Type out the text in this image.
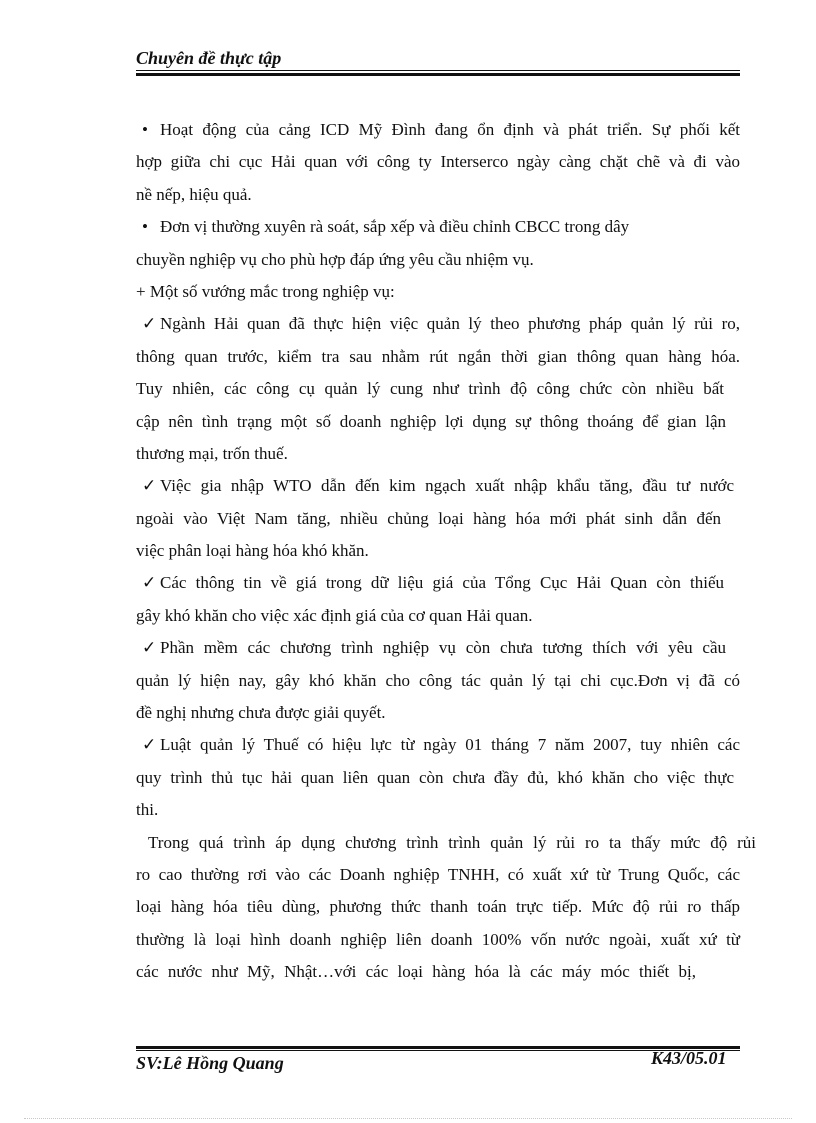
Chuyên đề thực tập
• Hoạt động của cảng ICD Mỹ Đình đang ổn định và phát triển. Sự phối kết
hợp giữa chi cục Hải quan với công ty Interserco ngày càng chặt chẽ và đi vào
nề nếp, hiệu quả.
• Đơn vị thường xuyên rà soát, sắp xếp và điều chỉnh CBCC trong dây
chuyền nghiệp vụ cho phù hợp đáp ứng yêu cầu nhiệm vụ.
+ Một số vướng mắc trong nghiệp vụ:
✓ Ngành Hải quan đã thực hiện việc quản lý theo phương pháp quản lý rủi ro,
thông quan trước, kiểm tra sau nhằm rút ngắn thời gian thông quan hàng hóa.
Tuy nhiên, các công cụ quản lý cung như trình độ công chức còn nhiều bất
cập nên tình trạng một số doanh nghiệp lợi dụng sự thông thoáng để gian lận
thương mại, trốn thuế.
✓ Việc gia nhập WTO dẫn đến kim ngạch xuất nhập khẩu tăng, đầu tư nước
ngoài vào Việt Nam tăng, nhiều chủng loại hàng hóa mới phát sinh dẫn đến
việc phân loại hàng hóa khó khăn.
✓ Các thông tin về giá trong dữ liệu giá của Tổng Cục Hải Quan còn thiếu
gây khó khăn cho việc xác định giá của cơ quan Hải quan.
✓ Phần mềm các chương trình nghiệp vụ còn chưa tương thích với yêu cầu
quản lý hiện nay, gây khó khăn cho công tác quản lý tại chi cục.Đơn vị đã có
đề nghị nhưng chưa được giải quyết.
✓ Luật quản lý Thuế có hiệu lực từ ngày 01 tháng 7 năm 2007, tuy nhiên các
quy trình thủ tục hải quan liên quan còn chưa đầy đủ, khó khăn cho việc thực
thi.
Trong quá trình áp dụng chương trình trình quản lý rủi ro ta thấy mức độ rủi
ro cao thường rơi vào các Doanh nghiệp TNHH, có xuất xứ từ Trung Quốc, các
loại hàng hóa tiêu dùng, phương thức thanh toán trực tiếp. Mức độ rủi ro thấp
thường là loại hình doanh nghiệp liên doanh 100% vốn nước ngoài, xuất xứ từ
các nước như Mỹ, Nhật…với các loại hàng hóa là các máy móc thiết bị,
SV:Lê Hồng Quang	K43/05.01
